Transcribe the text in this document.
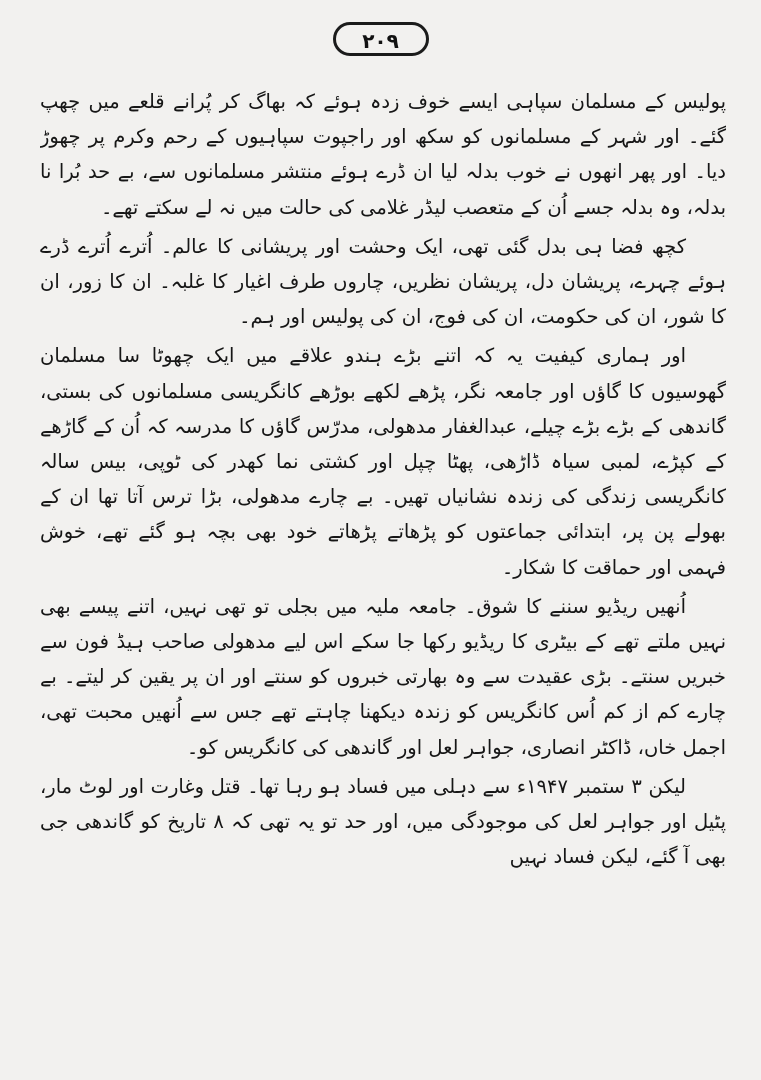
۲۰۹

پولیس کے مسلمان سپاہی ایسے خوف زدہ ہوئے کہ بھاگ کر پُرانے قلعے میں چھپ گئے۔ اور شہر کے مسلمانوں کو سکھ اور راجپوت سپاہیوں کے رحم وکرم پر چھوڑ دیا۔ اور پھر انھوں نے خوب بدلہ لیا ان ڈرے ہوئے منتشر مسلمانوں سے، بے حد بُرا نا بدلہ، وہ بدلہ جسے اُن کے متعصب لیڈر غلامی کی حالت میں نہ لے سکتے تھے۔

کچھ فضا ہی بدل گئی تھی، ایک وحشت اور پریشانی کا عالم۔ اُترے اُترے ڈرے ہوئے چہرے، پریشان دل، پریشان نظریں، چاروں طرف اغیار کا غلبہ۔ ان کا زور، ان کا شور، ان کی حکومت، ان کی فوج، ان کی پولیس اور ہم۔

اور ہماری کیفیت یہ کہ اتنے بڑے ہندو علاقے میں ایک چھوٹا سا مسلمان گھوسیوں کا گاؤں اور جامعہ نگر، پڑھے لکھے بوڑھے کانگریسی مسلمانوں کی بستی، گاندھی کے بڑے بڑے چیلے، عبدالغفار مدھولی، مدرّس گاؤں کا مدرسہ کہ اُن کے گاڑھے کے کپڑے، لمبی سیاہ ڈاڑھی، پھٹا چپل اور کشتی نما کھدر کی ٹوپی، بیس سالہ کانگریسی زندگی کی زندہ نشانیاں تھیں۔ بے چارے مدھولی، بڑا ترس آتا تھا ان کے بھولے پن پر، ابتدائی جماعتوں کو پڑھاتے پڑھاتے خود بھی بچہ ہو گئے تھے، خوش فہمی اور حماقت کا شکار۔

اُنھیں ریڈیو سننے کا شوق۔ جامعہ ملیہ میں بجلی تو تھی نہیں، اتنے پیسے بھی نہیں ملتے تھے کے بیٹری کا ریڈیو رکھا جا سکے اس لیے مدھولی صاحب ہیڈ فون سے خبریں سنتے۔ بڑی عقیدت سے وہ بھارتی خبروں کو سنتے اور ان پر یقین کر لیتے۔ بے چارے کم از کم اُس کانگریس کو زندہ دیکھنا چاہتے تھے جس سے اُنھیں محبت تھی، اجمل خاں، ڈاکٹر انصاری، جواہر لعل اور گاندھی کی کانگریس کو۔

لیکن ۳ ستمبر ۱۹۴۷ء سے دہلی میں فساد ہو رہا تھا۔ قتل وغارت اور لوٹ مار، پٹیل اور جواہر لعل کی موجودگی میں، اور حد تو یہ تھی کہ ۸ تاریخ کو گاندھی جی بھی آ گئے، لیکن فساد نہیں
